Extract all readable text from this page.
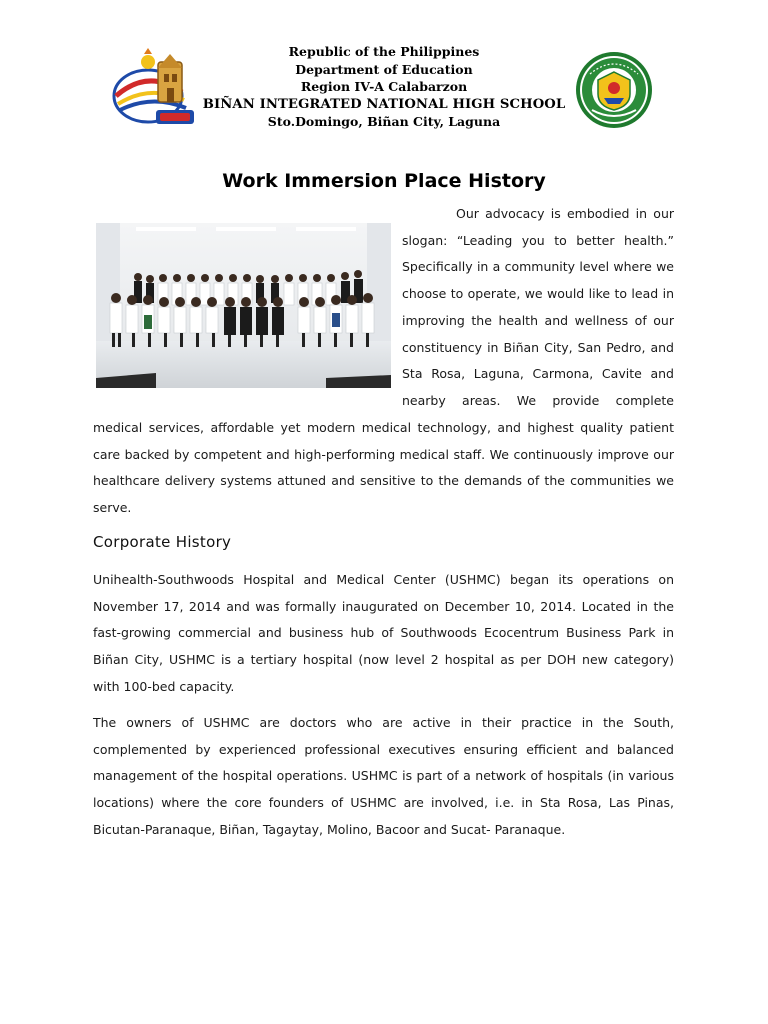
Republic of the Philippines
Department of Education
Region IV-A Calabarzon
BIÑAN INTEGRATED NATIONAL HIGH SCHOOL
Sto.Domingo, Biñan City, Laguna
Work Immersion Place History

Our advocacy is embodied in our slogan: “Leading you to better health.” Specifically in a community level where we choose to operate, we would like to lead in improving the health and wellness of our constituency in Biñan City, San Pedro, and Sta Rosa, Laguna, Carmona, Cavite and nearby areas. We provide complete

medical services, affordable yet modern medical technology, and highest quality patient care backed by competent and high-performing medical staff. We continuously improve our healthcare delivery systems attuned and sensitive to the demands of the communities we serve.

Corporate History

Unihealth-Southwoods Hospital and Medical Center (USHMC) began its operations on November 17, 2014 and was formally inaugurated on December 10, 2014. Located in the fast-growing commercial and business hub of Southwoods Ecocentrum Business Park in Biñan City, USHMC is a tertiary hospital (now level 2 hospital as per DOH new category) with 100-bed capacity.

The owners of USHMC are doctors who are active in their practice in the South, complemented by experienced professional executives ensuring efficient and balanced management of the hospital operations. USHMC is part of a network of hospitals (in various locations) where the core founders of USHMC are involved, i.e. in Sta Rosa, Las Pinas, Bicutan-Paranaque, Biñan, Tagaytay, Molino, Bacoor and Sucat- Paranaque.
